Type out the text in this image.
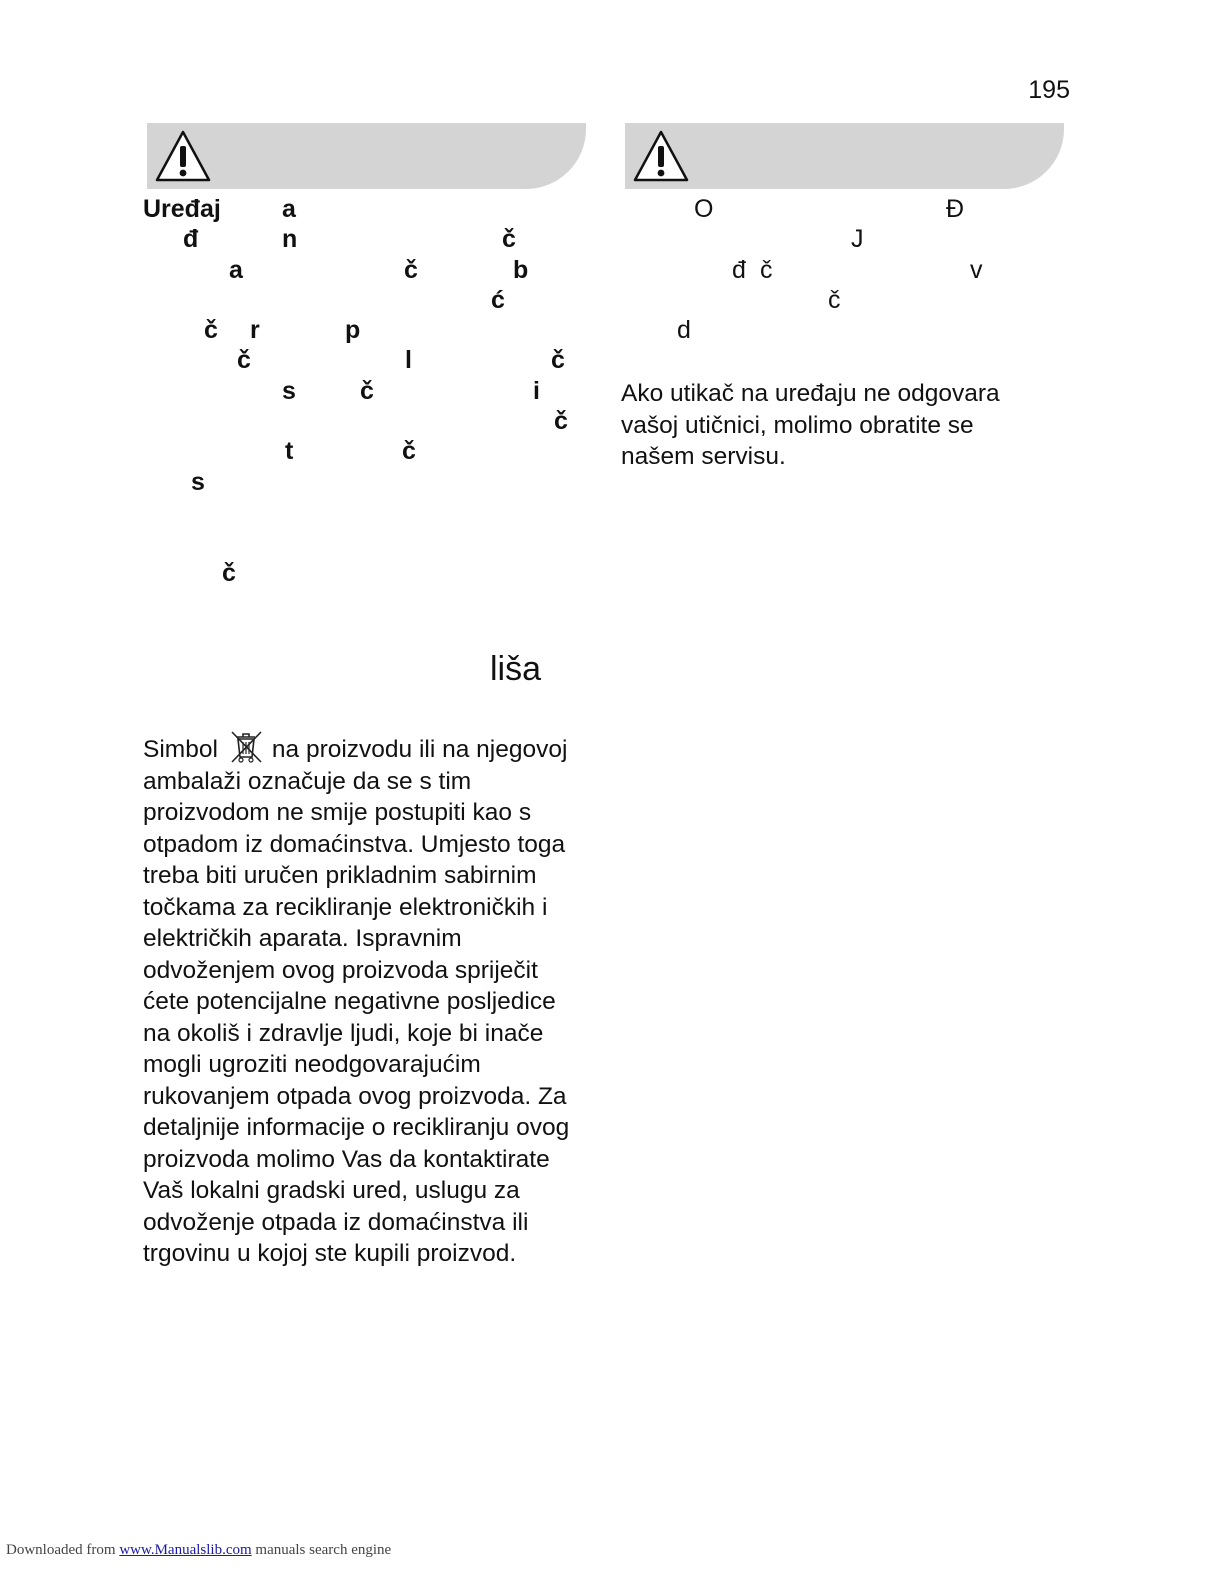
195
Uređaj a
đ	n	č
a	č	b
ć
č r	p
č	l	č
s	č	i
č
t	č
s
č
O	Đ
J
đ č	v
č
d
Ako utikač na uređaju ne odgovara
vašoj utičnici, molimo obratite se
našem servisu.
liša
Simbol na proizvodu ili na njegovoj
ambalaži označuje da se s tim
proizvodom ne smije postupiti kao s
otpadom iz domaćinstva. Umjesto toga
treba biti uručen prikladnim sabirnim
točkama za recikliranje elektroničkih i
električkih aparata. Ispravnim
odvoženjem ovog proizvoda spriječit
ćete potencijalne negativne posljedice
na okoliš i zdravlje ljudi, koje bi inače
mogli ugroziti neodgovarajućim
rukovanjem otpada ovog proizvoda. Za
detaljnije informacije o recikliranju ovog
proizvoda molimo Vas da kontaktirate
Vaš lokalni gradski ured, uslugu za
odvoženje otpada iz domaćinstva ili
trgovinu u kojoj ste kupili proizvod.
Downloaded from www.Manualslib.com manuals search engine
